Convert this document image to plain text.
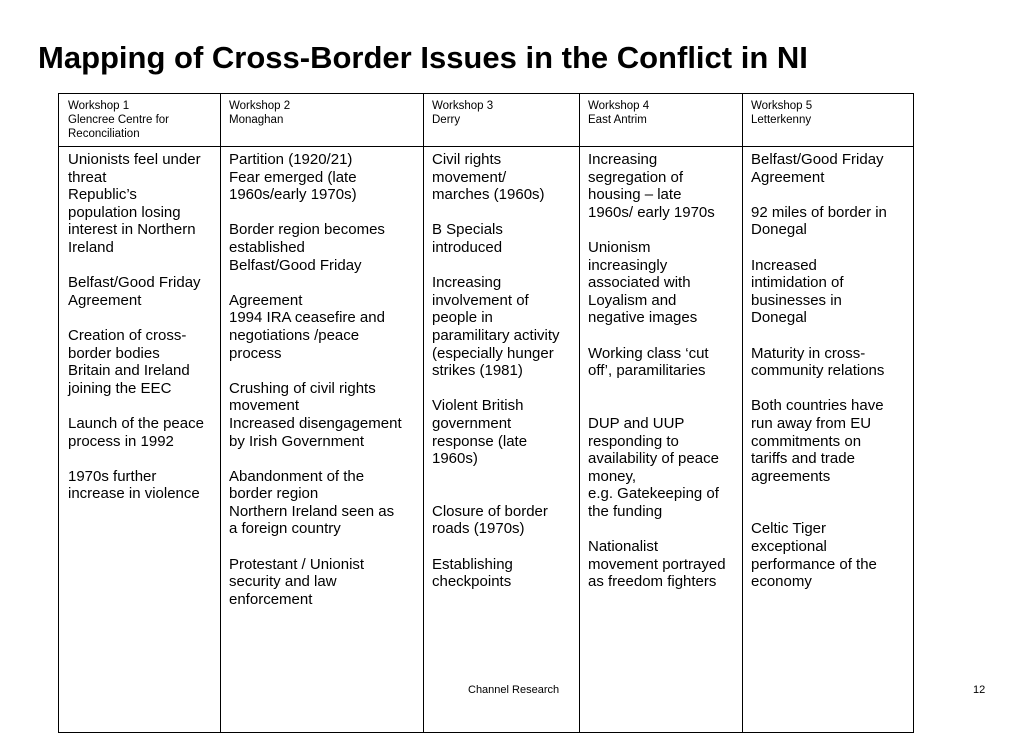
Mapping of Cross-Border Issues in the Conflict in NI
Workshop 1
Glencree Centre for
Reconciliation
Workshop 2
Monaghan
Workshop 3
Derry
Workshop 4
East Antrim
Workshop 5
Letterkenny
Unionists feel under
threat
Republic’s
population losing
interest in Northern
Ireland
Belfast/Good Friday
Agreement
Creation of cross-
border bodies
Britain and Ireland
joining the EEC
Launch of the peace
process in 1992
1970s further
increase in violence
Partition (1920/21)
Fear emerged (late
1960s/early 1970s)
Border region becomes
established
Belfast/Good Friday
Agreement
1994 IRA ceasefire and
negotiations /peace
process
Crushing of civil rights
movement
Increased disengagement
by Irish Government
Abandonment of the
border region
Northern Ireland seen as
a foreign country
Protestant / Unionist
security and law
enforcement
Civil rights
movement/
marches (1960s)
B Specials
introduced
Increasing
involvement of
people in
paramilitary activity
(especially hunger
strikes (1981)
Violent British
government
response (late
1960s)
Closure of border
roads (1970s)
Establishing
checkpoints
Increasing
segregation of
housing – late
1960s/ early 1970s
Unionism
increasingly
associated with
Loyalism and
negative images
Working class ‘cut
off’, paramilitaries
DUP and UUP
responding to
availability of peace
money,
e.g. Gatekeeping of
the funding
Nationalist
movement portrayed
as freedom fighters
Belfast/Good Friday
Agreement
92 miles of border in
Donegal
Increased
intimidation of
businesses in
Donegal
Maturity in cross-
community relations
Both countries have
run away from EU
commitments on
tariffs and trade
agreements
Celtic Tiger
exceptional
performance of the
economy
Channel Research	12
